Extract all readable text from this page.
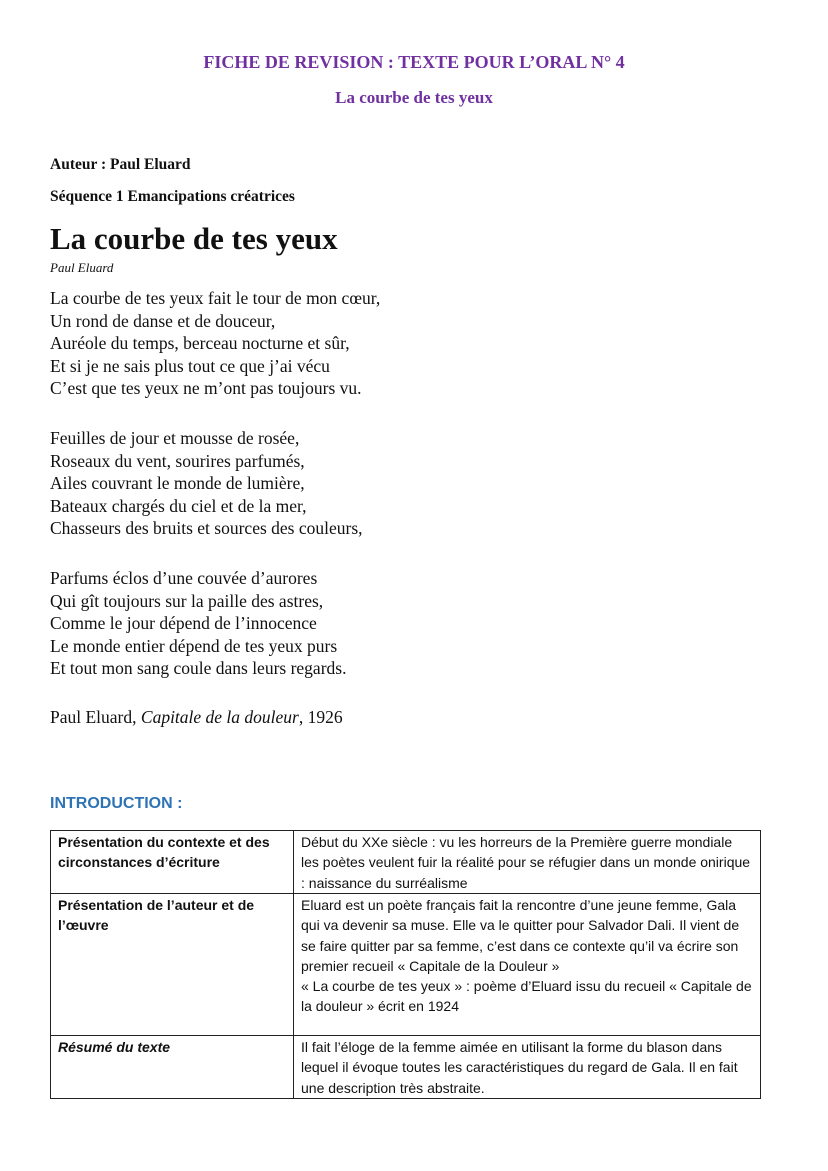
FICHE DE REVISION : TEXTE POUR L’ORAL N° 4
La courbe de tes yeux
Auteur : Paul Eluard
Séquence 1 Emancipations créatrices
La courbe de tes yeux
Paul Eluard
La courbe de tes yeux fait le tour de mon cœur,
Un rond de danse et de douceur,
Auréole du temps, berceau nocturne et sûr,
Et si je ne sais plus tout ce que j’ai vécu
C’est que tes yeux ne m’ont pas toujours vu.
Feuilles de jour et mousse de rosée,
Roseaux du vent, sourires parfumés,
Ailes couvrant le monde de lumière,
Bateaux chargés du ciel et de la mer,
Chasseurs des bruits et sources des couleurs,
Parfums éclos d’une couvée d’aurores
Qui gît toujours sur la paille des astres,
Comme le jour dépend de l’innocence
Le monde entier dépend de tes yeux purs
Et tout mon sang coule dans leurs regards.
Paul Eluard, Capitale de la douleur, 1926
INTRODUCTION :
Présentation du contexte et des circonstances d’écriture	Début du XXe siècle : vu les horreurs de la Première guerre mondiale les poètes veulent fuir la réalité pour se réfugier dans un monde onirique : naissance du surréalisme
Présentation de l’auteur et de l’œuvre	Eluard est un poète français fait la rencontre d’une jeune femme, Gala qui va devenir sa muse. Elle va le quitter pour Salvador Dali. Il vient de se faire quitter par sa femme, c’est dans ce contexte qu’il va écrire son premier recueil « Capitale de la Douleur »
« La courbe de tes yeux » : poème d’Eluard issu du recueil « Capitale de la douleur » écrit en 1924

Résumé du texte	Il fait l’éloge de la femme aimée en utilisant la forme du blason dans lequel il évoque toutes les caractéristiques du regard de Gala. Il en fait une description très abstraite.
